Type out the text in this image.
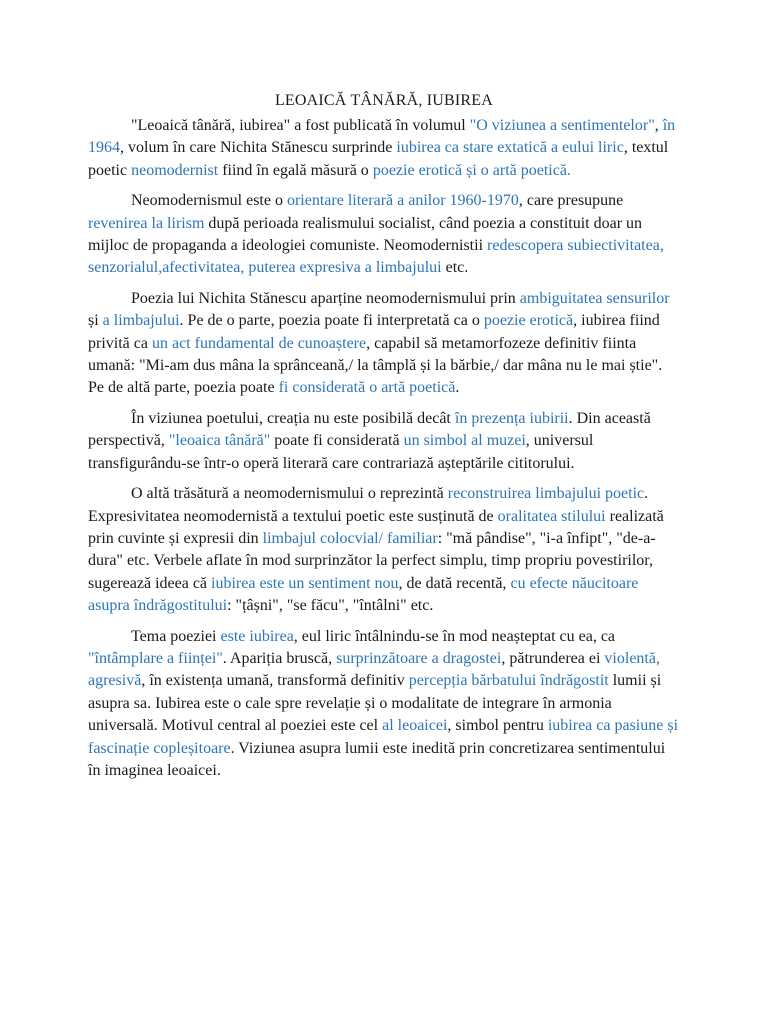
LEOAICĂ TÂNĂRĂ, IUBIREA

"Leoaică tânără, iubirea" a fost publicată în volumul "O viziunea a sentimentelor", în 1964, volum în care Nichita Stănescu surprinde iubirea ca stare extatică a eului liric, textul poetic neomodernist fiind în egală măsură o poezie erotică și o artă poetică.

Neomodernismul este o orientare literară a anilor 1960-1970, care presupune revenirea la lirism după perioada realismului socialist, când poezia a constituit doar un mijloc de propaganda a ideologiei comuniste. Neomodernistii redescopera subiectivitatea, senzorialul,afectivitatea, puterea expresiva a limbajului etc.

Poezia lui Nichita Stănescu aparține neomodernismului prin ambiguitatea sensurilor și a limbajului. Pe de o parte, poezia poate fi interpretată ca o poezie erotică, iubirea fiind privită ca un act fundamental de cunoaștere, capabil să metamorfozeze definitiv fiinta umană: "Mi-am dus mâna la sprânceană,/ la tâmplă și la bărbie,/ dar mâna nu le mai știe". Pe de altă parte, poezia poate fi considerată o artă poetică.

În viziunea poetului, creația nu este posibilă decât în prezența iubirii. Din această perspectivă, "leoaica tânără" poate fi considerată un simbol al muzei, universul transfigurându-se într-o operă literară care contrariază așteptările cititorului.

O altă trăsătură a neomodernismului o reprezintă reconstruirea limbajului poetic. Expresivitatea neomodernistă a textului poetic este susținută de oralitatea stilului realizată prin cuvinte și expresii din limbajul colocvial/ familiar: "mă pândise", "i-a înfipt", "de-a-dura" etc. Verbele aflate în mod surprinzător la perfect simplu, timp propriu povestirilor, sugerează ideea că iubirea este un sentiment nou, de dată recentă, cu efecte năucitoare asupra îndrăgostitului: "țâșni", "se făcu", "întâlni" etc.

Tema poeziei este iubirea, eul liric întâlnindu-se în mod neașteptat cu ea, ca "întâmplare a ființei". Apariția bruscă, surprinzătoare a dragostei, pătrunderea ei violentă, agresivă, în existența umană, transformă definitiv percepția bărbatului îndrăgostit lumii și asupra sa. Iubirea este o cale spre revelație și o modalitate de integrare în armonia universală. Motivul central al poeziei este cel al leoaicei, simbol pentru iubirea ca pasiune și fascinație copleșitoare. Viziunea asupra lumii este inedită prin concretizarea sentimentului în imaginea leoaicei.
